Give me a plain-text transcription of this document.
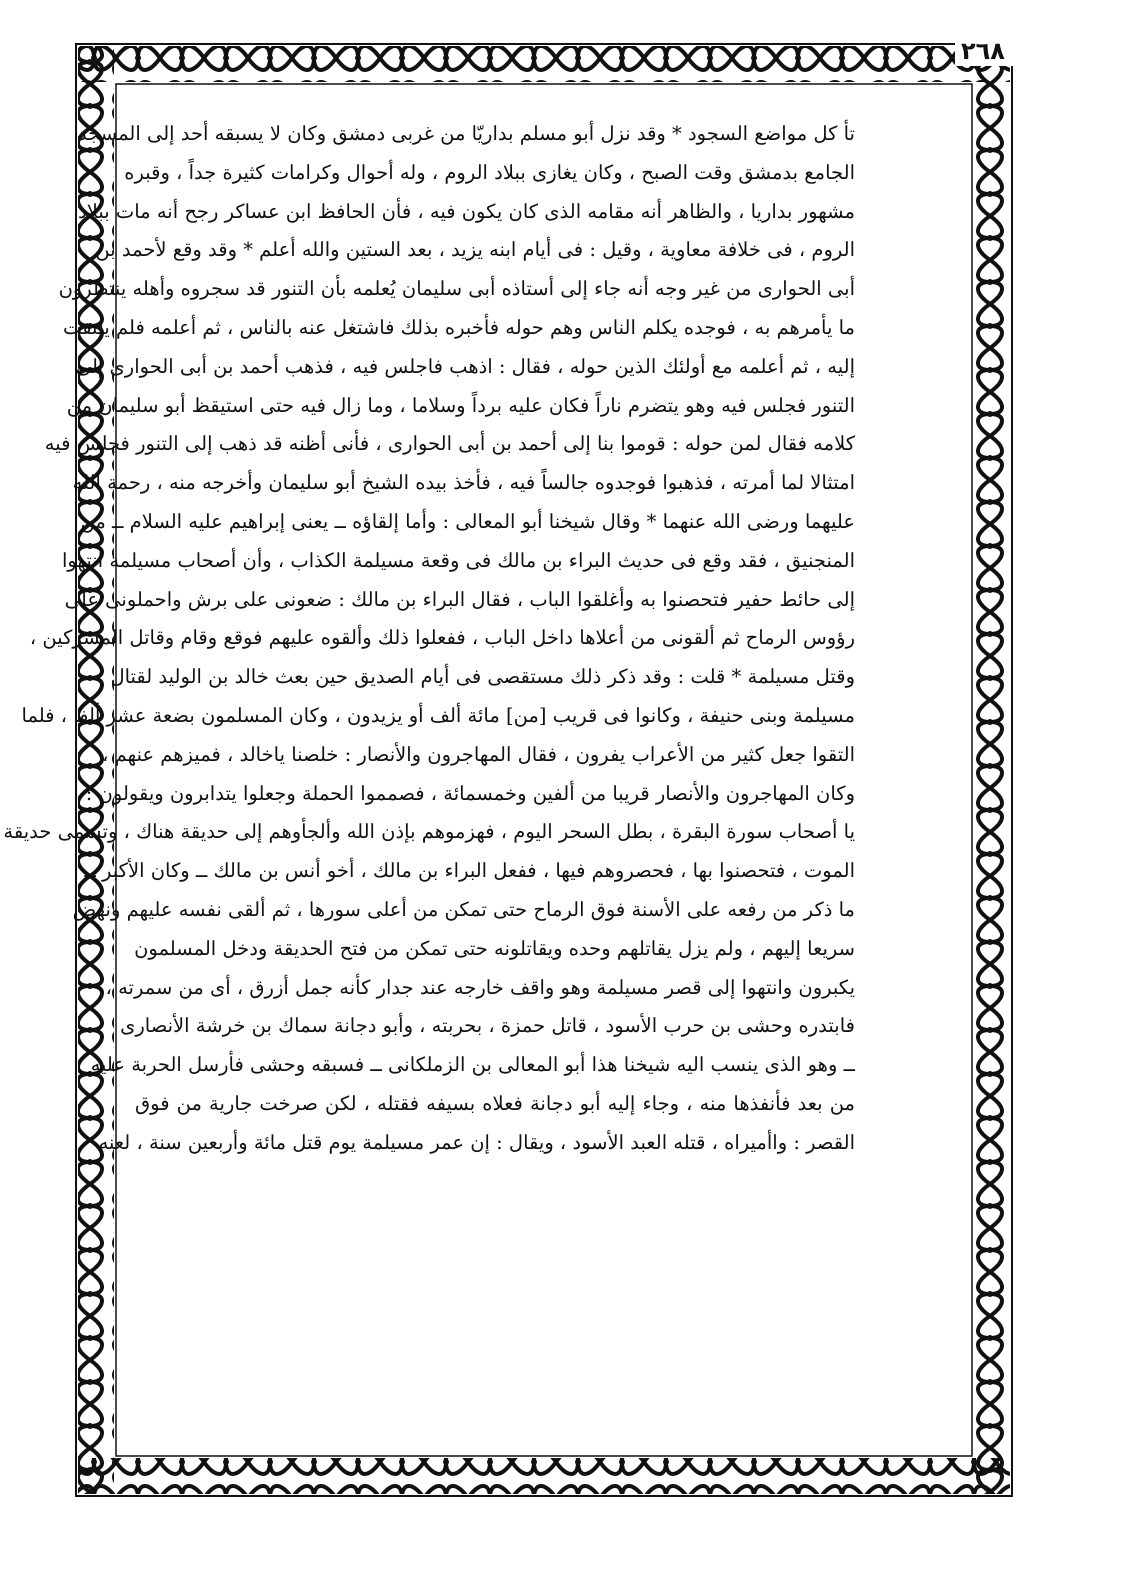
٢٦٨
تأ كل مواضع السجود * وقد نزل أبو مسلم بداريّا من غربى دمشق وكان لا يسبقه أحد إلى المسجد
الجامع بدمشق وقت الصبح ، وكان يغازى ببلاد الروم ، وله أحوال وكرامات كثيرة جداً ، وقبره
مشهور بداريا ، والظاهر أنه مقامه الذى كان يكون فيه ، فأن الحافظ ابن عساكر رجح أنه مات ببلاد
الروم ، فى خلافة معاوية ، وقيل : فى أيام ابنه يزيد ، بعد الستين والله أعلم * وقد وقع لأحمد بن
أبى الحوارى من غير وجه أنه جاء إلى أستاذه أبى سليمان يُعلمه بأن التنور قد سجروه وأهله ينتظرون
ما يأمرهم به ، فوجده يكلم الناس وهم حوله فأخبره بذلك فاشتغل عنه بالناس ، ثم أعلمه فلم يلتفت
إليه ، ثم أعلمه مع أولئك الذين حوله ، فقال : اذهب فاجلس فيه ، فذهب أحمد بن أبى الحوارى إلى
التنور فجلس فيه وهو يتضرم ناراً فكان عليه برداً وسلاما ، وما زال فيه حتى استيقظ أبو سليمان من
كلامه فقال لمن حوله : قوموا بنا إلى أحمد بن أبى الحوارى ، فأنى أظنه قد ذهب إلى التنور فجلس فيه
امتثالا لما أمرته ، فذهبوا فوجدوه جالساً فيه ، فأخذ بيده الشيخ أبو سليمان وأخرجه منه ، رحمة الله
عليهما ورضى الله عنهما * وقال شيخنا أبو المعالى : وأما إلقاؤه ــ يعنى إبراهيم عليه السلام ــ من
المنجنيق ، فقد وقع فى حديث البراء بن مالك فى وقعة مسيلمة الكذاب ، وأن أصحاب مسيلمة انتهوا
إلى حائط حفير فتحصنوا به وأغلقوا الباب ، فقال البراء بن مالك : ضعونى على برش واحملونى على
رؤوس الرماح ثم ألقونى من أعلاها داخل الباب ، ففعلوا ذلك وألقوه عليهم فوقع وقام وقاتل المشركين ،
وقتل مسيلمة * قلت : وقد ذكر ذلك مستقصى فى أيام الصديق حين بعث خالد بن الوليد لقتال
مسيلمة وبنى حنيفة ، وكانوا فى قريب [من] مائة ألف أو يزيدون ، وكان المسلمون بضعة عشر ألفا ، فلما
التقوا جعل كثير من الأعراب يفرون ، فقال المهاجرون والأنصار : خلصنا ياخالد ، فميزهم عنهم ،
وكان المهاجرون والأنصار قريبا من ألفين وخمسمائة ، فصمموا الحملة وجعلوا يتدابرون ويقولون :
يا أصحاب سورة البقرة ، بطل السحر اليوم ، فهزموهم بإذن الله وألجأوهم إلى حديقة هناك ، وتسمى حديقة
الموت ، فتحصنوا بها ، فحصروهم فيها ، ففعل البراء بن مالك ، أخو أنس بن مالك ــ وكان الأكبر ــ
ما ذكر من رفعه على الأسنة فوق الرماح حتى تمكن من أعلى سورها ، ثم ألقى نفسه عليهم ونهض
سريعا إليهم ، ولم يزل يقاتلهم وحده ويقاتلونه حتى تمكن من فتح الحديقة ودخل المسلمون
يكبرون وانتهوا إلى قصر مسيلمة وهو واقف خارجه عند جدار كأنه جمل أزرق ، أى من سمرته ،
فابتدره وحشى بن حرب الأسود ، قاتل حمزة ، بحربته ، وأبو دجانة سماك بن خرشة الأنصارى
ــ وهو الذى ينسب اليه شيخنا هذا أبو المعالى بن الزملكانى ــ فسبقه وحشى فأرسل الحربة عليه
من بعد فأنفذها منه ، وجاء إليه أبو دجانة فعلاه بسيفه فقتله ، لكن صرخت جارية من فوق
القصر : واأميراه ، قتله العبد الأسود ، ويقال : إن عمر مسيلمة يوم قتل مائة وأربعين سنة ، لعنه
